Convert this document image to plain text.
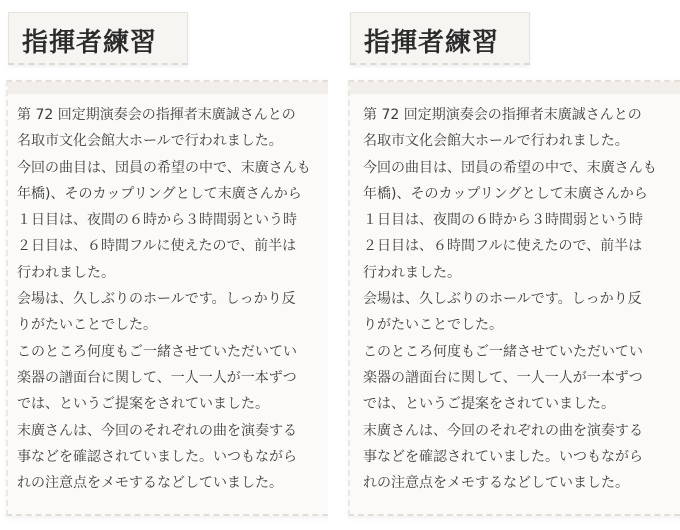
指揮者練習
第 72 回定期演奏会の指揮者末廣誠さんとの
名取市文化会館大ホールで行われました。
今回の曲目は、団員の希望の中で、末廣さんも
年橋)、そのカップリングとして末廣さんから
１日目は、夜間の６時から３時間弱という時
２日目は、６時間フルに使えたので、前半は
行われました。
会場は、久しぶりのホールです。しっかり反
りがたいことでした。
このところ何度もご一緒させていただいてい
楽器の譜面台に関して、一人一人が一本ずつ
では、というご提案をされていました。
末廣さんは、今回のそれぞれの曲を演奏する
事などを確認されていました。いつもながら
れの注意点をメモするなどしていました。
指揮者練習
第 72 回定期演奏会の指揮者末廣誠さんとの
名取市文化会館大ホールで行われました。
今回の曲目は、団員の希望の中で、末廣さんも
年橋)、そのカップリングとして末廣さんから
１日目は、夜間の６時から３時間弱という時
２日目は、６時間フルに使えたので、前半は
行われました。
会場は、久しぶりのホールです。しっかり反
りがたいことでした。
このところ何度もご一緒させていただいてい
楽器の譜面台に関して、一人一人が一本ずつ
では、というご提案をされていました。
末廣さんは、今回のそれぞれの曲を演奏する
事などを確認されていました。いつもながら
れの注意点をメモするなどしていました。
